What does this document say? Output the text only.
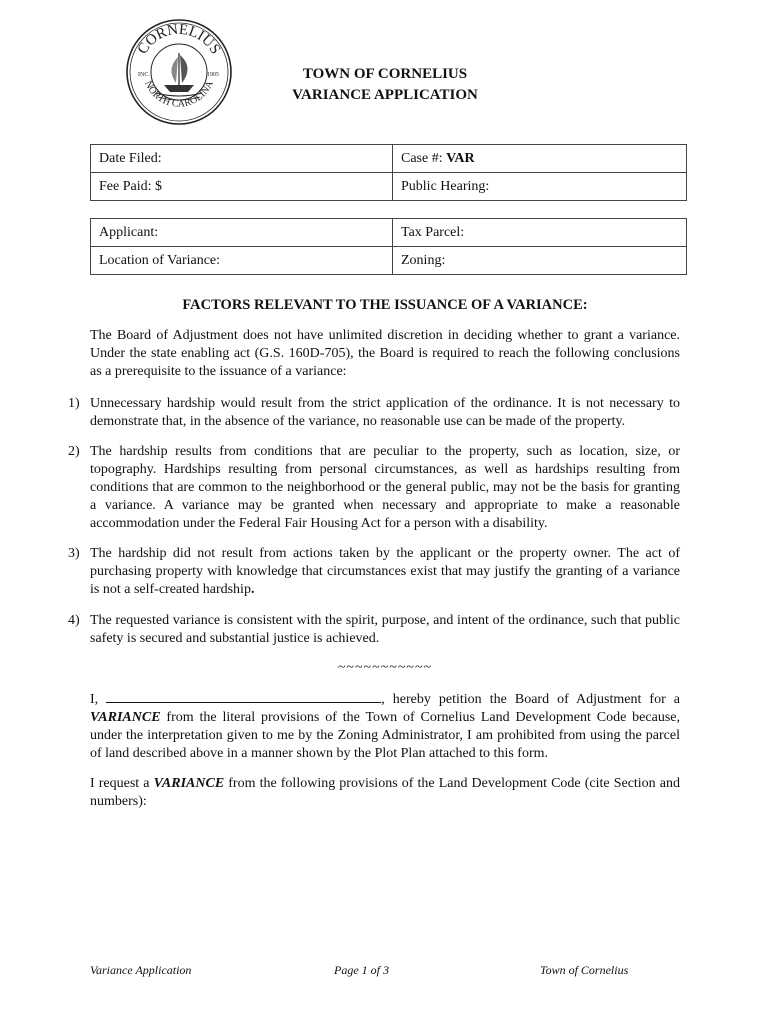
CORNELIUS
NORTH CAROLINA
INC.	1905	TOWN OF CORNELIUS
VARIANCE APPLICATION
Date Filed:	Case #: VAR
Fee Paid: $	Public Hearing:
Applicant:	Tax Parcel:
Location of Variance:	Zoning:
FACTORS RELEVANT TO THE ISSUANCE OF A VARIANCE:
The Board of Adjustment does not have unlimited discretion in deciding whether to grant a variance. Under the state enabling act (G.S. 160D-705), the Board is required to reach the following conclusions as a prerequisite to the issuance of a variance:
1) Unnecessary hardship would result from the strict application of the ordinance. It is not necessary to demonstrate that, in the absence of the variance, no reasonable use can be made of the property.
2) The hardship results from conditions that are peculiar to the property, such as location, size, or topography. Hardships resulting from personal circumstances, as well as hardships resulting from conditions that are common to the neighborhood or the general public, may not be the basis for granting a variance. A variance may be granted when necessary and appropriate to make a reasonable accommodation under the Federal Fair Housing Act for a person with a disability.
3) The hardship did not result from actions taken by the applicant or the property owner. The act of purchasing property with knowledge that circumstances exist that may justify the granting of a variance is not a self-created hardship.
4) The requested variance is consistent with the spirit, purpose, and intent of the ordinance, such that public safety is secured and substantial justice is achieved.
~~~~~~~~~~~
I,	, hereby petition the Board of Adjustment for a VARIANCE from the literal provisions of the Town of Cornelius Land Development Code because, under the interpretation given to me by the Zoning Administrator, I am prohibited from using the parcel of land described above in a manner shown by the Plot Plan attached to this form.
I request a VARIANCE from the following provisions of the Land Development Code (cite Section and numbers):
Variance Application	Page 1 of 3	Town of Cornelius
